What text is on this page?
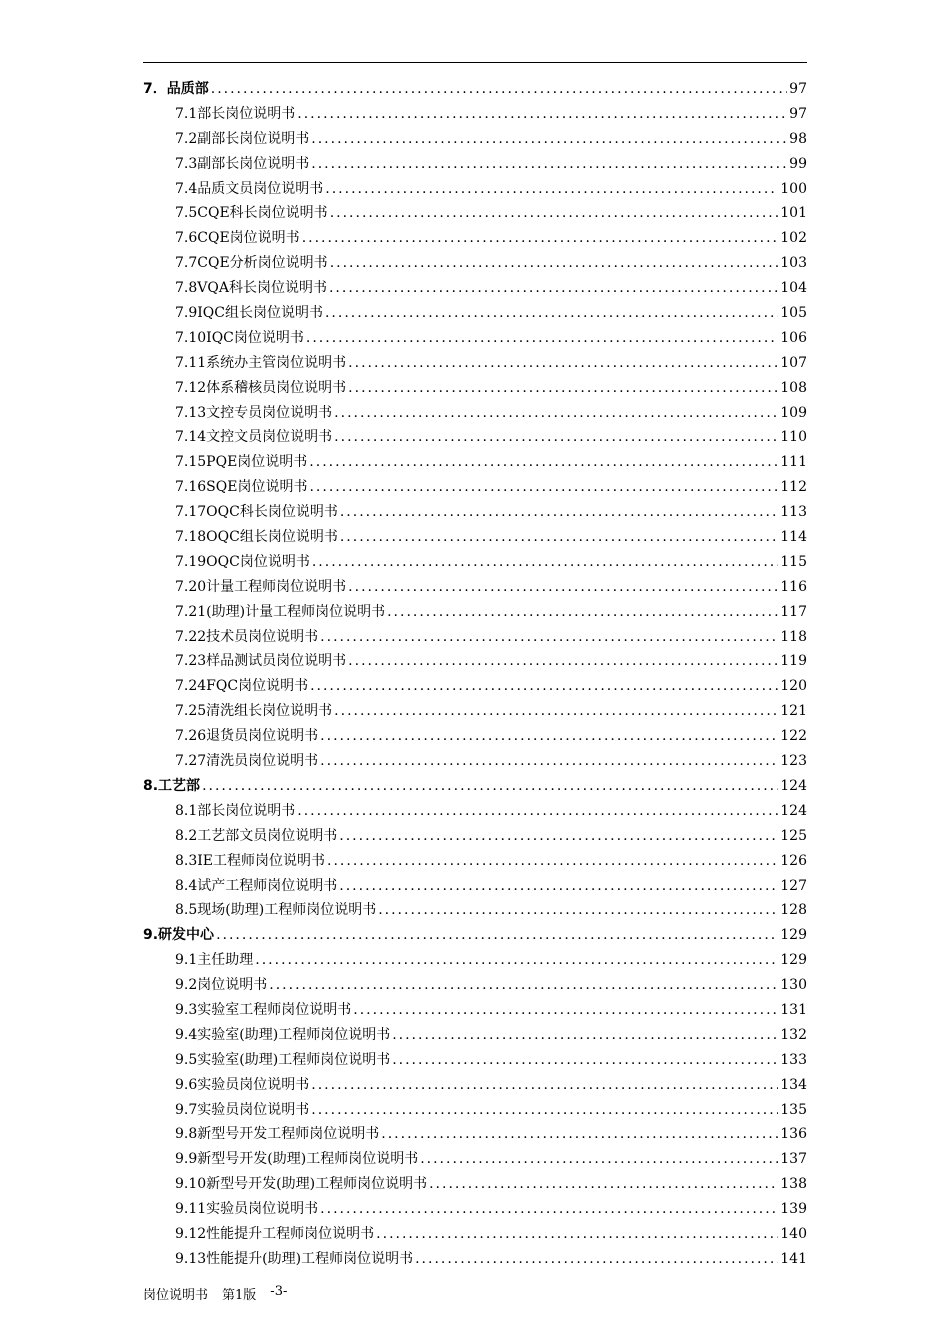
7．品质部 .....	97
7.1部长岗位说明书 .....	97
7.2副部长岗位说明书 .....	98
7.3副部长岗位说明书 .....	99
7.4品质文员岗位说明书 .....	100
7.5CQE科长岗位说明书 .....	101
7.6CQE岗位说明书 .....	102
7.7CQE分析岗位说明书 .....	103
7.8VQA科长岗位说明书 .....	104
7.9IQC组长岗位说明书 .....	105
7.10IQC岗位说明书 .....	106
7.11系统办主管岗位说明书 .....	107
7.12体系稽核员岗位说明书 .....	108
7.13文控专员岗位说明书 .....	109
7.14文控文员岗位说明书 .....	110
7.15PQE岗位说明书 .....	111
7.16SQE岗位说明书 .....	112
7.17OQC科长岗位说明书 .....	113
7.18OQC组长岗位说明书 .....	114
7.19OQC岗位说明书 .....	115
7.20计量工程师岗位说明书 .....	116
7.21(助理)计量工程师岗位说明书 .....	117
7.22技术员岗位说明书 .....	118
7.23样品测试员岗位说明书 .....	119
7.24FQC岗位说明书 .....	120
7.25清洗组长岗位说明书 .....	121
7.26退货员岗位说明书 .....	122
7.27清洗员岗位说明书 .....	123
8.工艺部 .....	124
8.1部长岗位说明书 .....	124
8.2工艺部文员岗位说明书 .....	125
8.3IE工程师岗位说明书 .....	126
8.4试产工程师岗位说明书 .....	127
8.5现场(助理)工程师岗位说明书 .....	128
9.研发中心 .....	129
9.1主任助理 .....	129
9.2岗位说明书 .....	130
9.3实验室工程师岗位说明书 .....	131
9.4实验室(助理)工程师岗位说明书 .....	132
9.5实验室(助理)工程师岗位说明书 .....	133
9.6实验员岗位说明书 .....	134
9.7实验员岗位说明书 .....	135
9.8新型号开发工程师岗位说明书 .....	136
9.9新型号开发(助理)工程师岗位说明书 .....	137
9.10新型号开发(助理)工程师岗位说明书 .....	138
9.11实验员岗位说明书 .....	139
9.12性能提升工程师岗位说明书 .....	140
9.13性能提升(助理)工程师岗位说明书 .....	141
岗位说明书 第1版 -3-
